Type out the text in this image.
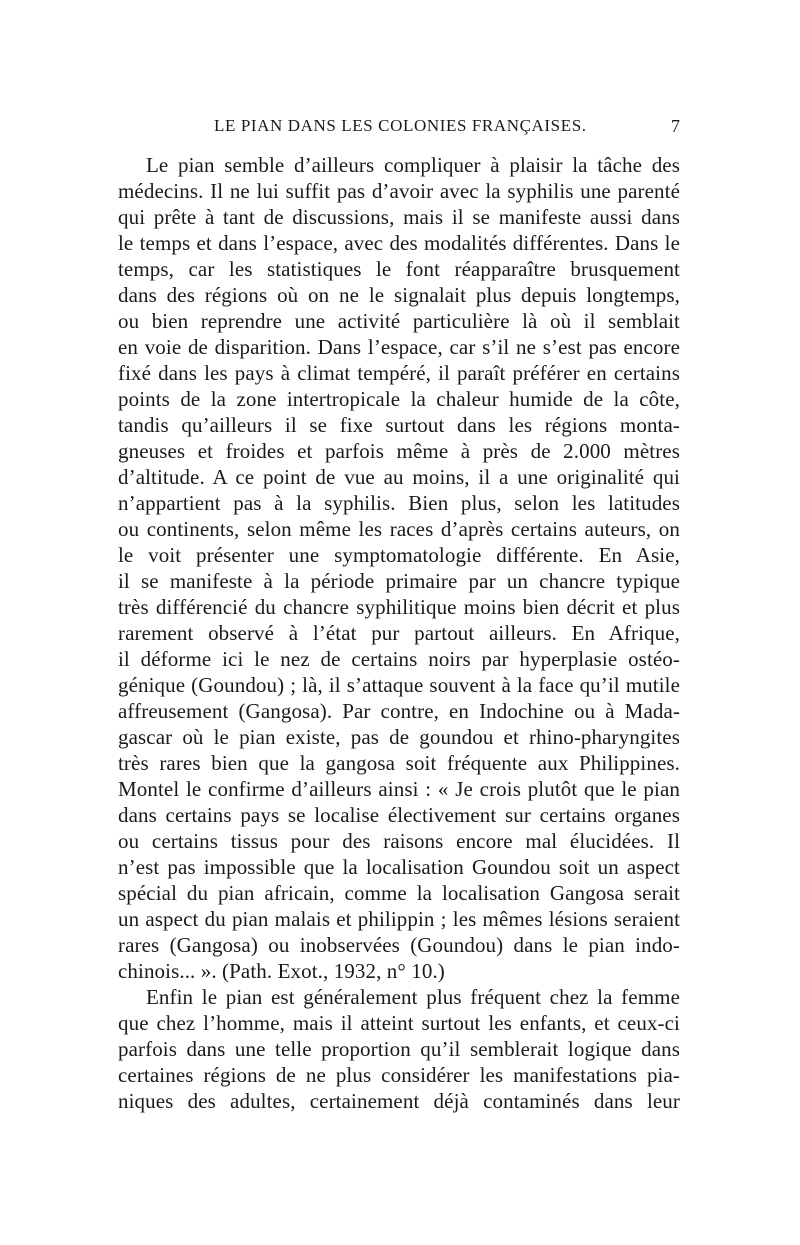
LE PIAN DANS LES COLONIES FRANÇAISES.	7
Le pian semble d’ailleurs compliquer à plaisir la tâche des
médecins. Il ne lui suffit pas d’avoir avec la syphilis une parenté
qui prête à tant de discussions, mais il se manifeste aussi dans
le temps et dans l’espace, avec des modalités différentes. Dans le
temps, car les statistiques le font réapparaître brusquement
dans des régions où on ne le signalait plus depuis longtemps,
ou bien reprendre une activité particulière là où il semblait
en voie de disparition. Dans l’espace, car s’il ne s’est pas encore
fixé dans les pays à climat tempéré, il paraît préférer en certains
points de la zone intertropicale la chaleur humide de la côte,
tandis qu’ailleurs il se fixe surtout dans les régions monta-
gneuses et froides et parfois même à près de 2.000 mètres
d’altitude. A ce point de vue au moins, il a une originalité qui
n’appartient pas à la syphilis. Bien plus, selon les latitudes
ou continents, selon même les races d’après certains auteurs, on
le voit présenter une symptomatologie différente. En Asie,
il se manifeste à la période primaire par un chancre typique
très différencié du chancre syphilitique moins bien décrit et plus
rarement observé à l’état pur partout ailleurs. En Afrique,
il déforme ici le nez de certains noirs par hyperplasie ostéo-
génique (Goundou) ; là, il s’attaque souvent à la face qu’il mutile
affreusement (Gangosa). Par contre, en Indochine ou à Mada-
gascar où le pian existe, pas de goundou et rhino-pharyngites
très rares bien que la gangosa soit fréquente aux Philippines.
Montel le confirme d’ailleurs ainsi : « Je crois plutôt que le pian
dans certains pays se localise électivement sur certains organes
ou certains tissus pour des raisons encore mal élucidées. Il
n’est pas impossible que la localisation Goundou soit un aspect
spécial du pian africain, comme la localisation Gangosa serait
un aspect du pian malais et philippin ; les mêmes lésions seraient
rares (Gangosa) ou inobservées (Goundou) dans le pian indo-
chinois... ». (Path. Exot., 1932, n° 10.)
Enfin le pian est généralement plus fréquent chez la femme
que chez l’homme, mais il atteint surtout les enfants, et ceux-ci
parfois dans une telle proportion qu’il semblerait logique dans
certaines régions de ne plus considérer les manifestations pia-
niques des adultes, certainement déjà contaminés dans leur
